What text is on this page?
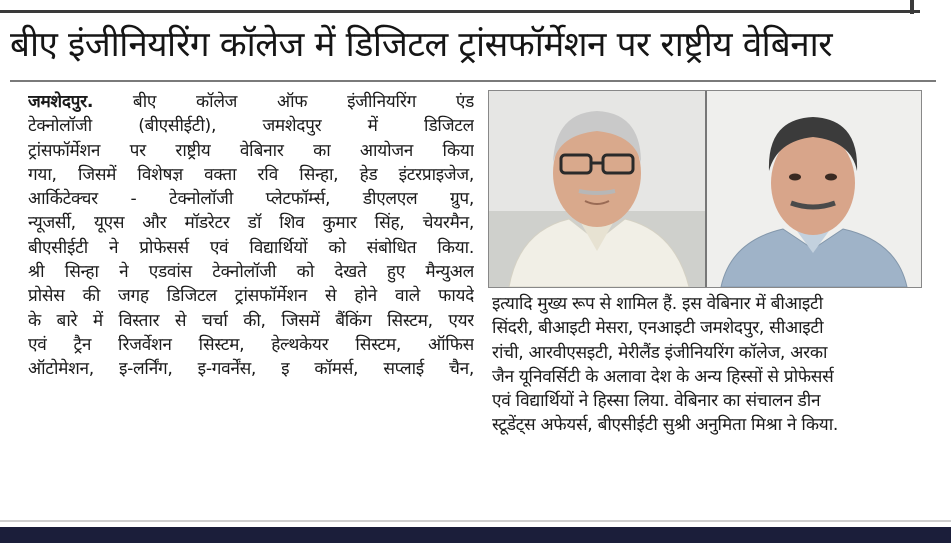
बीए इंजीनियरिंग कॉलेज में डिजिटल ट्रांसफॉर्मेशन पर राष्ट्रीय वेबिनार
जमशेदपुर. बीए कॉलेज ऑफ इंजीनियरिंग एंड
टेक्नोलॉजी (बीएसीईटी), जमशेदपुर में डिजिटल
ट्रांसफॉर्मेशन पर राष्ट्रीय वेबिनार का आयोजन किया
गया, जिसमें विशेषज्ञ वक्ता रवि सिन्हा, हेड इंटरप्राइजेज,
आर्किटेक्चर - टेक्नोलॉजी प्लेटफॉर्म्स, डीएलएल ग्रुप,
न्यूजर्सी, यूएस और मॉडरेटर डॉ शिव कुमार सिंह, चेयरमैन,
बीएसीईटी ने प्रोफेसर्स एवं विद्यार्थियों को संबोधित किया.
श्री सिन्हा ने एडवांस टेक्नोलॉजी को देखते हुए मैन्युअल
प्रोसेस की जगह डिजिटल ट्रांसफॉर्मेशन से होने वाले फायदे
के बारे में विस्तार से चर्चा की, जिसमें बैंकिंग सिस्टम, एयर
एवं ट्रैन रिजर्वेशन सिस्टम, हेल्थकेयर सिस्टम, ऑफिस
ऑटोमेशन, इ-लर्निंग, इ-गवर्नेंस, इ कॉमर्स, सप्लाई चैन,
इत्यादि मुख्य रूप से शामिल हैं. इस वेबिनार में बीआइटी
सिंदरी, बीआइटी मेसरा, एनआइटी जमशेदपुर, सीआइटी
रांची, आरवीएसइटी, मेरीलैंड इंजीनियरिंग कॉलेज, अरका
जैन यूनिवर्सिटी के अलावा देश के अन्य हिस्सों से प्रोफेसर्स
एवं विद्यार्थियों ने हिस्सा लिया. वेबिनार का संचालन डीन
स्टूडेंट्स अफेयर्स, बीएसीईटी सुश्री अनुमिता मिश्रा ने किया.
